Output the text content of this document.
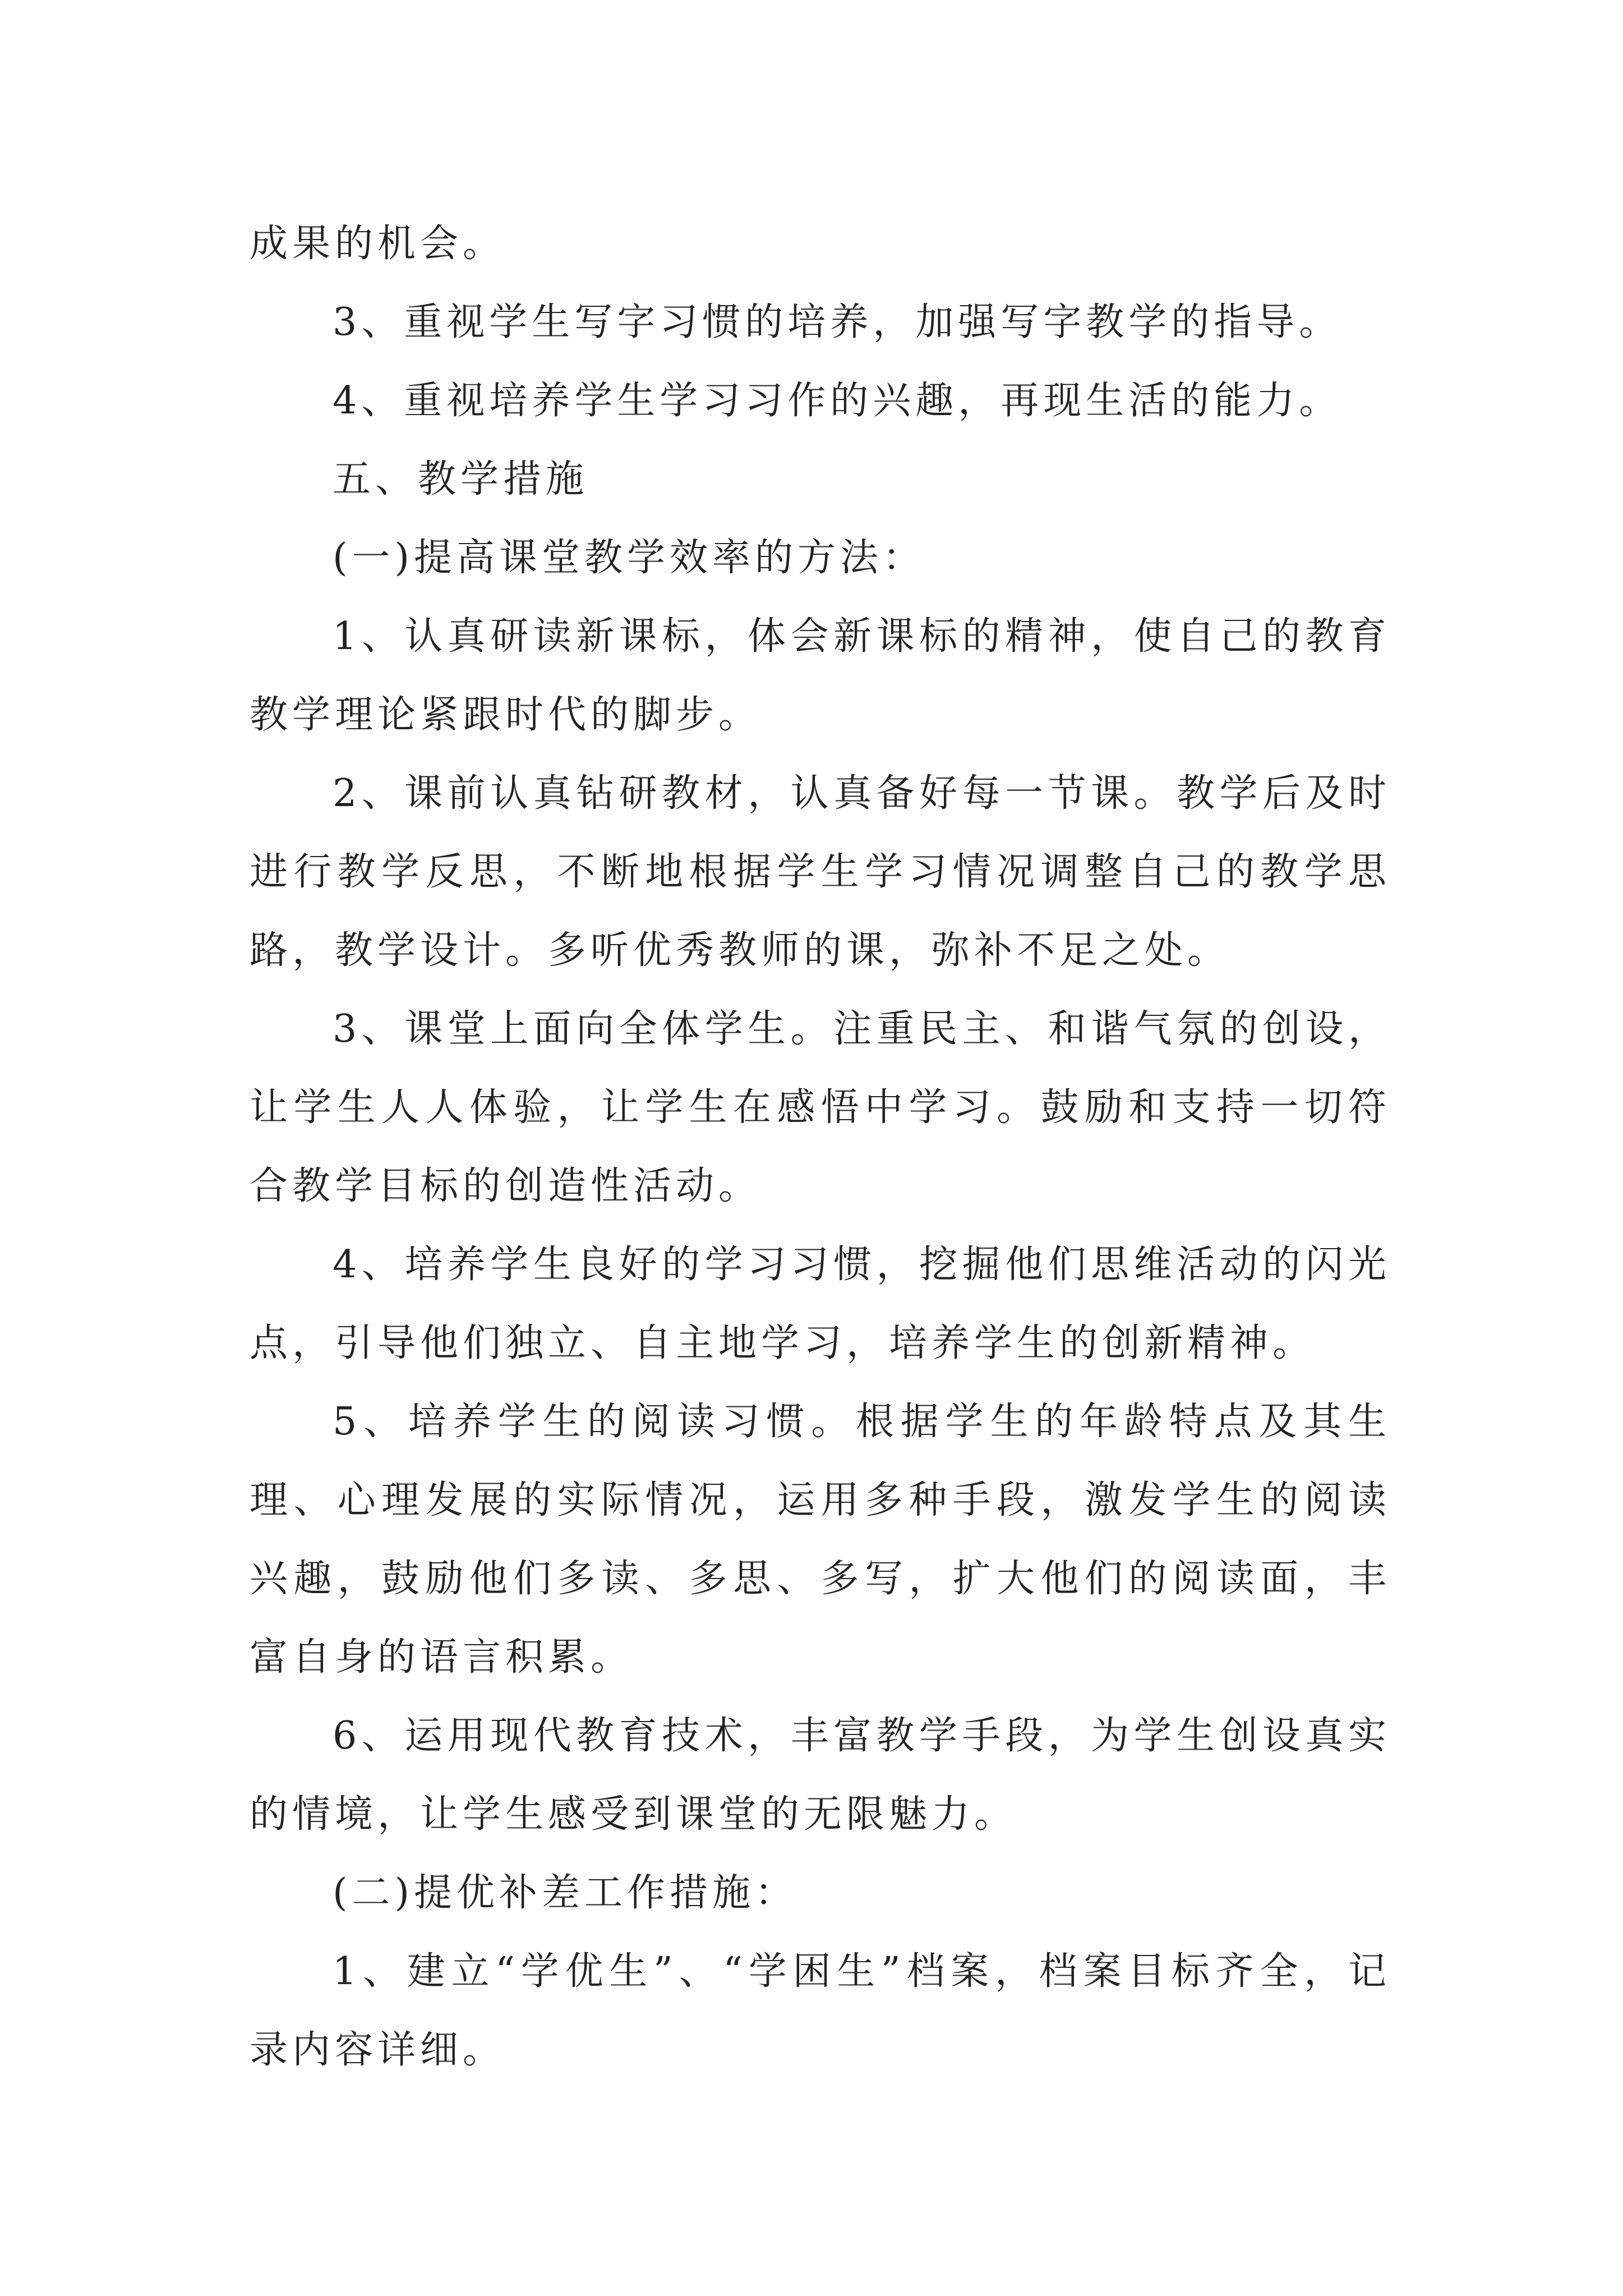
成果的机会。

3、重视学生写字习惯的培养，加强写字教学的指导。

4、重视培养学生学习习作的兴趣，再现生活的能力。

五、教学措施

(一)提高课堂教学效率的方法：

1、认真研读新课标，体会新课标的精神，使自己的教育教学理论紧跟时代的脚步。

2、课前认真钻研教材，认真备好每一节课。教学后及时进行教学反思，不断地根据学生学习情况调整自己的教学思路，教学设计。多听优秀教师的课，弥补不足之处。

3、课堂上面向全体学生。注重民主、和谐气氛的创设，让学生人人体验，让学生在感悟中学习。鼓励和支持一切符合教学目标的创造性活动。

4、培养学生良好的学习习惯，挖掘他们思维活动的闪光点，引导他们独立、自主地学习，培养学生的创新精神。

5、培养学生的阅读习惯。根据学生的年龄特点及其生理、心理发展的实际情况，运用多种手段，激发学生的阅读兴趣，鼓励他们多读、多思、多写，扩大他们的阅读面，丰富自身的语言积累。

6、运用现代教育技术，丰富教学手段，为学生创设真实的情境，让学生感受到课堂的无限魅力。

(二)提优补差工作措施：

1、建立“学优生”、“学困生”档案，档案目标齐全，记录内容详细。
